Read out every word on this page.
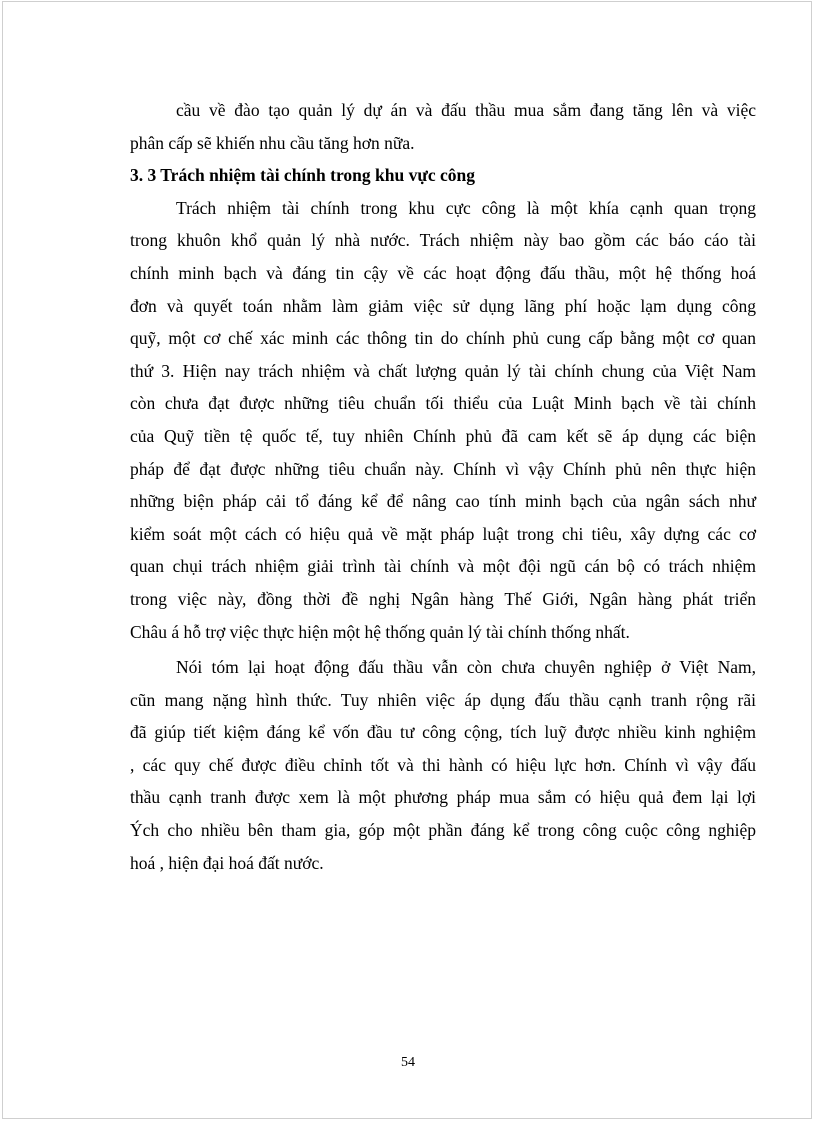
cầu về đào tạo quản lý dự án và đấu thầu mua sắm đang tăng lên và việc
phân cấp sẽ khiến nhu cầu tăng hơn nữa.
3. 3 Trách nhiệm tài chính trong khu vực công
Trách nhiệm tài chính trong khu cực công là một khía cạnh quan trọng
trong khuôn khổ quản lý nhà nước. Trách nhiệm này bao gồm các báo cáo tài
chính minh bạch và đáng tin cậy về các hoạt động đấu thầu, một hệ thống hoá
đơn và quyết toán nhằm làm giảm việc sử dụng lãng phí hoặc lạm dụng công
quỹ, một cơ chế xác minh các thông tin do chính phủ cung cấp bằng một cơ quan
thứ 3. Hiện nay trách nhiệm và chất lượng quản lý tài chính chung của Việt Nam
còn chưa đạt được những tiêu chuẩn tối thiểu của Luật Minh bạch về tài chính
của Quỹ tiền tệ quốc tế, tuy nhiên Chính phủ đã cam kết sẽ áp dụng các biện
pháp để đạt được những tiêu chuẩn này. Chính vì vậy Chính phủ nên thực hiện
những biện pháp cải tổ đáng kể để nâng cao tính minh bạch của ngân sách như
kiểm soát một cách có hiệu quả về mặt pháp luật trong chi tiêu, xây dựng các cơ
quan chụi trách nhiệm giải trình tài chính và một đội ngũ cán bộ có trách nhiệm
trong việc này, đồng thời đề nghị Ngân hàng Thế Giới, Ngân hàng phát triển
Châu á hỗ trợ việc thực hiện một hệ thống quản lý tài chính thống nhất.
Nói tóm lại hoạt động đấu thầu vẫn còn chưa chuyên nghiệp ở Việt Nam,
cũn mang nặng hình thức. Tuy nhiên việc áp dụng đấu thầu cạnh tranh rộng rãi
đã giúp tiết kiệm đáng kể vốn đầu tư công cộng, tích luỹ được nhiều kinh nghiệm
, các quy chế được điều chỉnh tốt và thi hành có hiệu lực hơn. Chính vì vậy đấu
thầu cạnh tranh được xem là một phương pháp mua sắm có hiệu quả đem lại lợi
Ých cho nhiều bên tham gia, góp một phần đáng kể trong công cuộc công nghiệp
hoá , hiện đại hoá đất nước.
54
